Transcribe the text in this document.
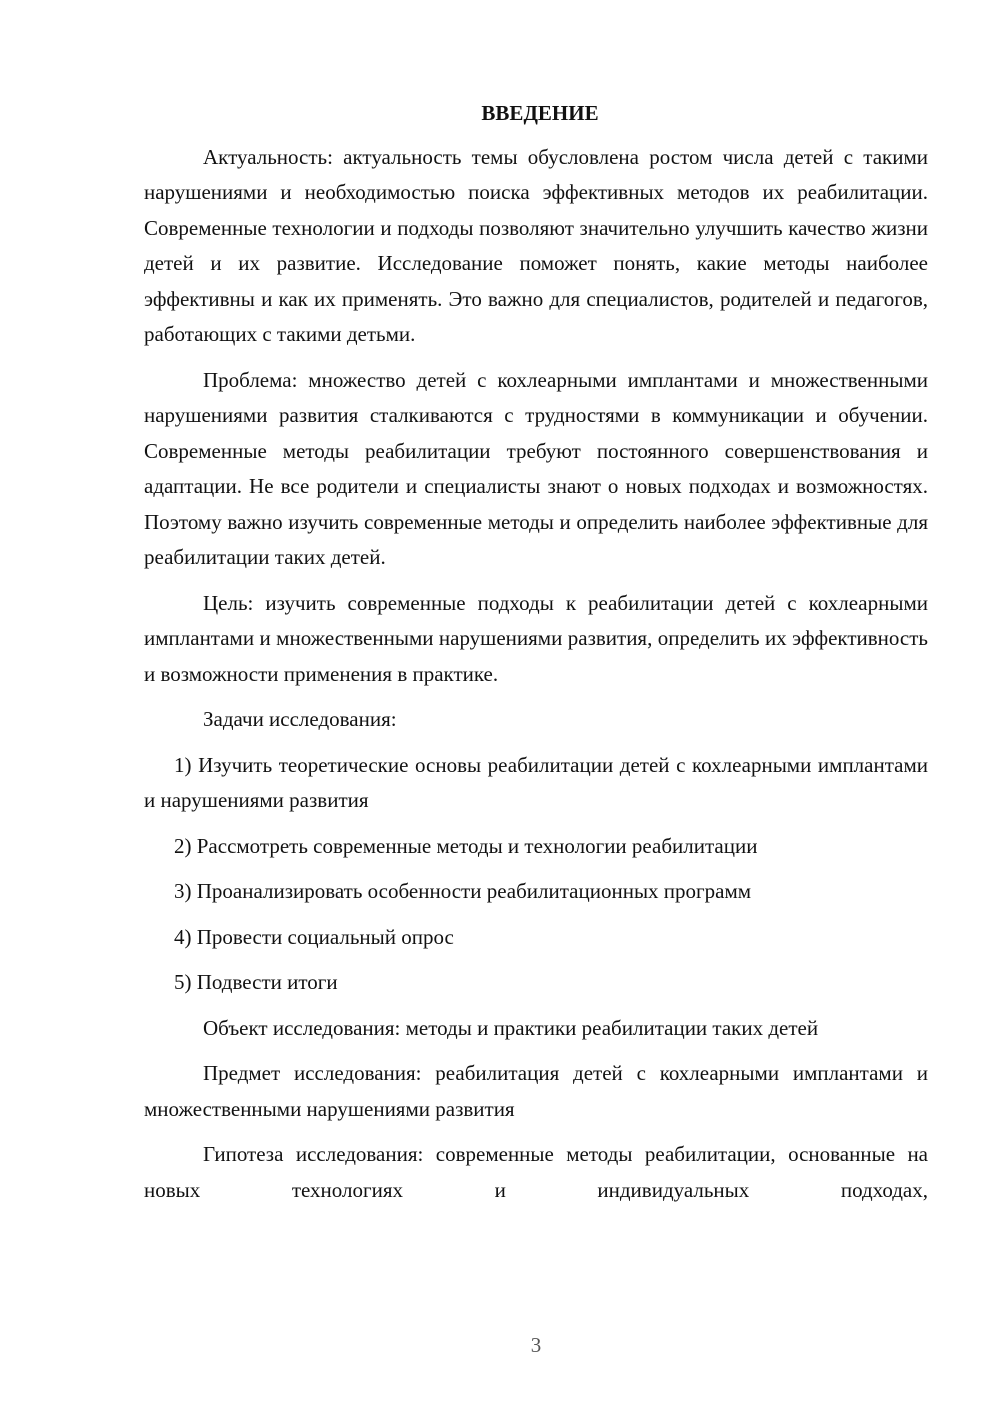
ВВЕДЕНИЕ

Актуальность: актуальность темы обусловлена ростом числа детей с такими нарушениями и необходимостью поиска эффективных методов их реабилитации. Современные технологии и подходы позволяют значительно улучшить качество жизни детей и их развитие. Исследование поможет понять, какие методы наиболее эффективны и как их применять. Это важно для специалистов, родителей и педагогов, работающих с такими детьми.

Проблема: множество детей с кохлеарными имплантами и множественными нарушениями развития сталкиваются с трудностями в коммуникации и обучении. Современные методы реабилитации требуют постоянного совершенствования и адаптации. Не все родители и специалисты знают о новых подходах и возможностях. Поэтому важно изучить современные методы и определить наиболее эффективные для реабилитации таких детей.

Цель: изучить современные подходы к реабилитации детей с кохлеарными имплантами и множественными нарушениями развития, определить их эффективность и возможности применения в практике.

Задачи исследования:

1) Изучить теоретические основы реабилитации детей с кохлеарными имплантами и нарушениями развития

2) Рассмотреть современные методы и технологии реабилитации

3) Проанализировать особенности реабилитационных программ

4) Провести социальный опрос

5) Подвести итоги

Объект исследования: методы и практики реабилитации таких детей

Предмет исследования: реабилитация детей с кохлеарными имплантами и множественными нарушениями развития

Гипотеза исследования: современные методы реабилитации, основанные на новых технологиях и индивидуальных подходах,

3
